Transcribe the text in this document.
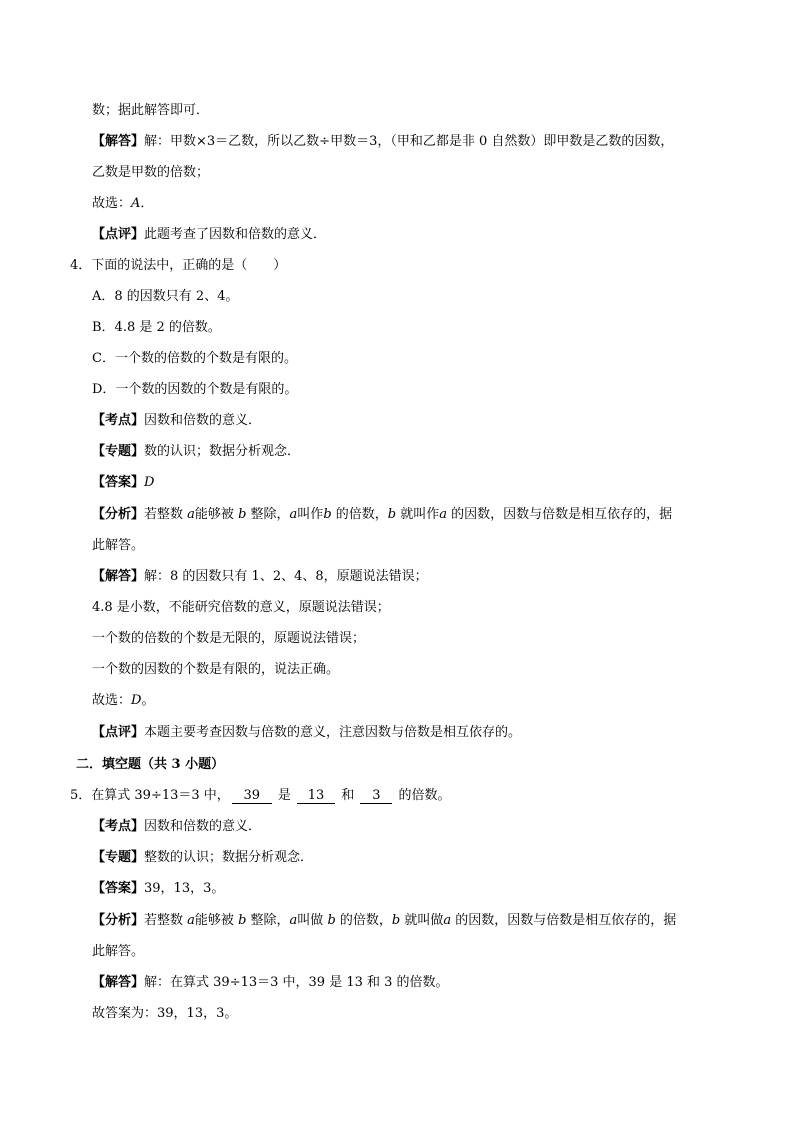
数；据此解答即可．
【解答】解：甲数×3＝乙数，所以乙数÷甲数＝3，（甲和乙都是非 0 自然数）即甲数是乙数的因数，
乙数是甲数的倍数；
故选：A．
【点评】此题考查了因数和倍数的意义．
4．下面的说法中，正确的是（　　）
A．8 的因数只有 2、4。
B．4.8 是 2 的倍数。
C．一个数的倍数的个数是有限的。
D．一个数的因数的个数是有限的。
【考点】因数和倍数的意义．
【专题】数的认识；数据分析观念．
【答案】D
【分析】若整数 a能够被 b 整除，a叫作b 的倍数，b 就叫作a 的因数，因数与倍数是相互依存的，据
此解答。
【解答】解：8 的因数只有 1、2、4、8，原题说法错误；
4.8 是小数，不能研究倍数的意义，原题说法错误；
一个数的倍数的个数是无限的，原题说法错误；
一个数的因数的个数是有限的，说法正确。
故选：D。
【点评】本题主要考查因数与倍数的意义，注意因数与倍数是相互依存的。
二．填空题（共 3 小题）
5．在算式 39÷13＝3 中， 39 是 13 和 3 的倍数。
【考点】因数和倍数的意义．
【专题】整数的认识；数据分析观念．
【答案】39，13，3。
【分析】若整数 a能够被 b 整除，a叫做 b 的倍数，b 就叫做a 的因数，因数与倍数是相互依存的，据
此解答。
【解答】解：在算式 39÷13＝3 中，39 是 13 和 3 的倍数。
故答案为：39，13，3。
